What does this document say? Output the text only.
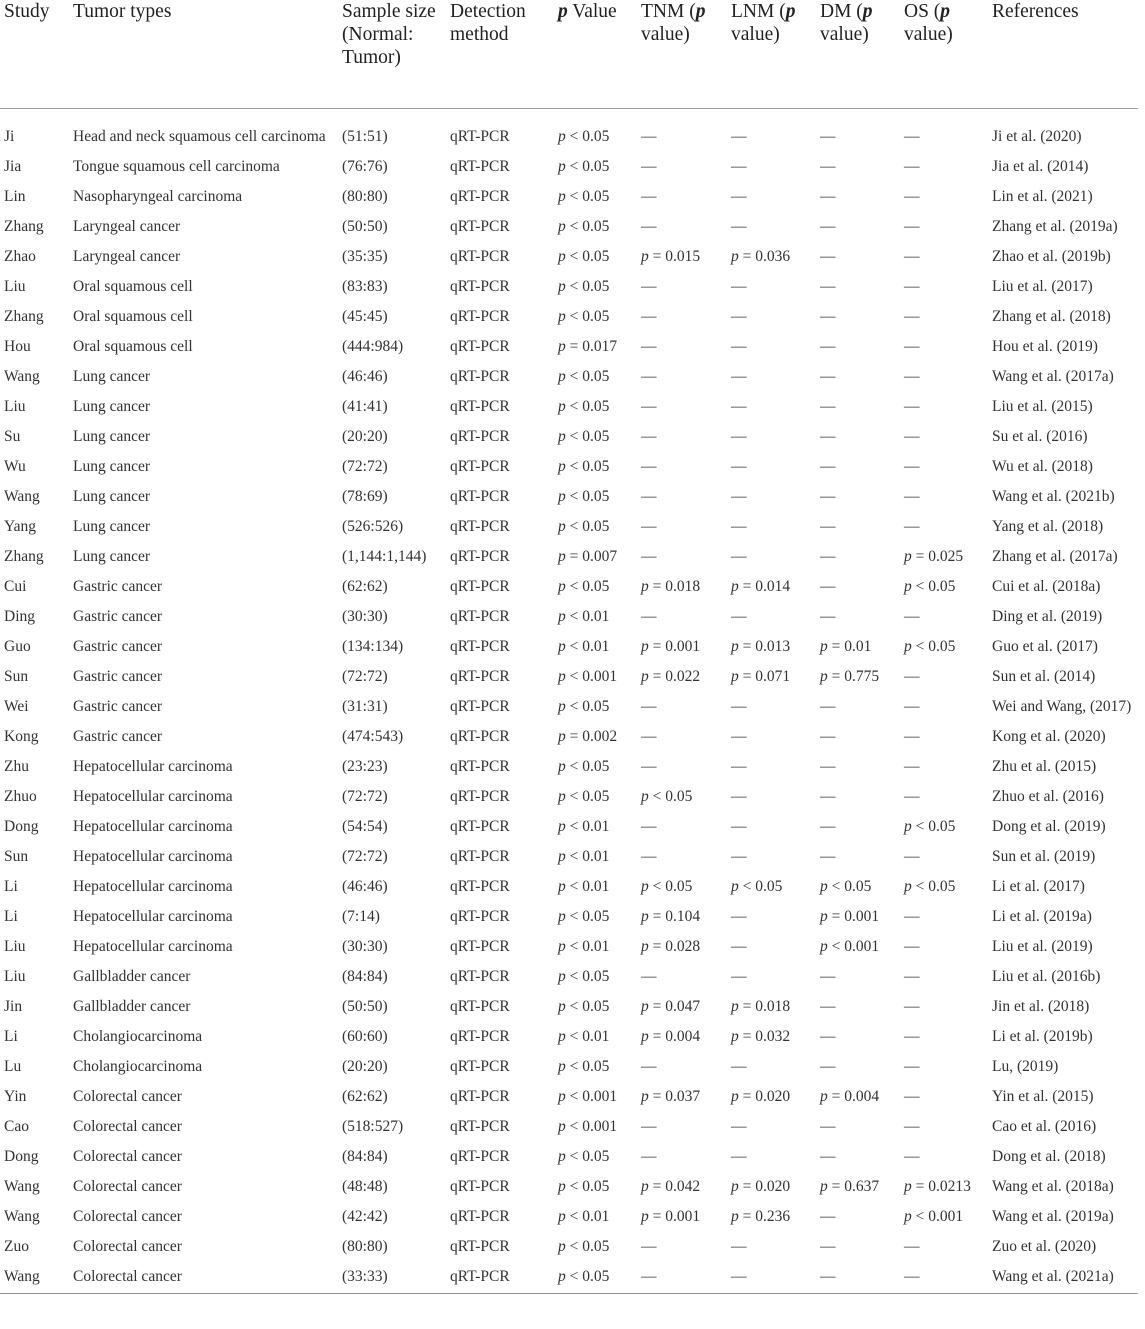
Study	Tumor types	Sample size (Normal: Tumor)	Detection method	p Value	TNM (p value)	LNM (p value)	DM (p value)	OS (p value)	References
Ji	Head and neck squamous cell carcinoma	(51:51)	qRT-PCR	p < 0.05	—	—	—	—	Ji et al. (2020)
Jia	Tongue squamous cell carcinoma	(76:76)	qRT-PCR	p < 0.05	—	—	—	—	Jia et al. (2014)
Lin	Nasopharyngeal carcinoma	(80:80)	qRT-PCR	p < 0.05	—	—	—	—	Lin et al. (2021)
Zhang	Laryngeal cancer	(50:50)	qRT-PCR	p < 0.05	—	—	—	—	Zhang et al. (2019a)
Zhao	Laryngeal cancer	(35:35)	qRT-PCR	p < 0.05	p = 0.015	p = 0.036	—	—	Zhao et al. (2019b)
Liu	Oral squamous cell	(83:83)	qRT-PCR	p < 0.05	—	—	—	—	Liu et al. (2017)
Zhang	Oral squamous cell	(45:45)	qRT-PCR	p < 0.05	—	—	—	—	Zhang et al. (2018)
Hou	Oral squamous cell	(444:984)	qRT-PCR	p = 0.017	—	—	—	—	Hou et al. (2019)
Wang	Lung cancer	(46:46)	qRT-PCR	p < 0.05	—	—	—	—	Wang et al. (2017a)
Liu	Lung cancer	(41:41)	qRT-PCR	p < 0.05	—	—	—	—	Liu et al. (2015)
Su	Lung cancer	(20:20)	qRT-PCR	p < 0.05	—	—	—	—	Su et al. (2016)
Wu	Lung cancer	(72:72)	qRT-PCR	p < 0.05	—	—	—	—	Wu et al. (2018)
Wang	Lung cancer	(78:69)	qRT-PCR	p < 0.05	—	—	—	—	Wang et al. (2021b)
Yang	Lung cancer	(526:526)	qRT-PCR	p < 0.05	—	—	—	—	Yang et al. (2018)
Zhang	Lung cancer	(1,144:1,144)	qRT-PCR	p = 0.007	—	—	—	p = 0.025	Zhang et al. (2017a)
Cui	Gastric cancer	(62:62)	qRT-PCR	p < 0.05	p = 0.018	p = 0.014	—	p < 0.05	Cui et al. (2018a)
Ding	Gastric cancer	(30:30)	qRT-PCR	p < 0.01	—	—	—	—	Ding et al. (2019)
Guo	Gastric cancer	(134:134)	qRT-PCR	p < 0.01	p = 0.001	p = 0.013	p = 0.01	p < 0.05	Guo et al. (2017)
Sun	Gastric cancer	(72:72)	qRT-PCR	p < 0.001	p = 0.022	p = 0.071	p = 0.775	—	Sun et al. (2014)
Wei	Gastric cancer	(31:31)	qRT-PCR	p < 0.05	—	—	—	—	Wei and Wang, (2017)
Kong	Gastric cancer	(474:543)	qRT-PCR	p = 0.002	—	—	—	—	Kong et al. (2020)
Zhu	Hepatocellular carcinoma	(23:23)	qRT-PCR	p < 0.05	—	—	—	—	Zhu et al. (2015)
Zhuo	Hepatocellular carcinoma	(72:72)	qRT-PCR	p < 0.05	p < 0.05	—	—	—	Zhuo et al. (2016)
Dong	Hepatocellular carcinoma	(54:54)	qRT-PCR	p < 0.01	—	—	—	p < 0.05	Dong et al. (2019)
Sun	Hepatocellular carcinoma	(72:72)	qRT-PCR	p < 0.01	—	—	—	—	Sun et al. (2019)
Li	Hepatocellular carcinoma	(46:46)	qRT-PCR	p < 0.01	p < 0.05	p < 0.05	p < 0.05	p < 0.05	Li et al. (2017)
Li	Hepatocellular carcinoma	(7:14)	qRT-PCR	p < 0.05	p = 0.104	—	p = 0.001	—	Li et al. (2019a)
Liu	Hepatocellular carcinoma	(30:30)	qRT-PCR	p < 0.01	p = 0.028	—	p < 0.001	—	Liu et al. (2019)
Liu	Gallbladder cancer	(84:84)	qRT-PCR	p < 0.05	—	—	—	—	Liu et al. (2016b)
Jin	Gallbladder cancer	(50:50)	qRT-PCR	p < 0.05	p = 0.047	p = 0.018	—	—	Jin et al. (2018)
Li	Cholangiocarcinoma	(60:60)	qRT-PCR	p < 0.01	p = 0.004	p = 0.032	—	—	Li et al. (2019b)
Lu	Cholangiocarcinoma	(20:20)	qRT-PCR	p < 0.05	—	—	—	—	Lu, (2019)
Yin	Colorectal cancer	(62:62)	qRT-PCR	p < 0.001	p = 0.037	p = 0.020	p = 0.004	—	Yin et al. (2015)
Cao	Colorectal cancer	(518:527)	qRT-PCR	p < 0.001	—	—	—	—	Cao et al. (2016)
Dong	Colorectal cancer	(84:84)	qRT-PCR	p < 0.05	—	—	—	—	Dong et al. (2018)
Wang	Colorectal cancer	(48:48)	qRT-PCR	p < 0.05	p = 0.042	p = 0.020	p = 0.637	p = 0.0213	Wang et al. (2018a)
Wang	Colorectal cancer	(42:42)	qRT-PCR	p < 0.01	p = 0.001	p = 0.236	—	p < 0.001	Wang et al. (2019a)
Zuo	Colorectal cancer	(80:80)	qRT-PCR	p < 0.05	—	—	—	—	Zuo et al. (2020)
Wang	Colorectal cancer	(33:33)	qRT-PCR	p < 0.05	—	—	—	—	Wang et al. (2021a)
